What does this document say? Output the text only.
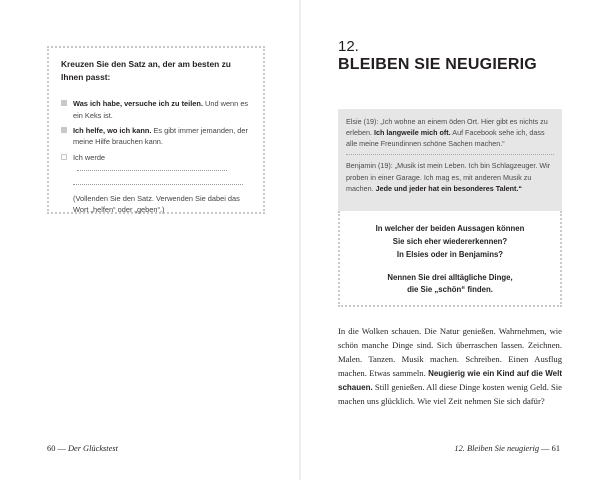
Kreuzen Sie den Satz an, der am besten zu Ihnen passt:
Was ich habe, versuche ich zu teilen. Und wenn es ein Keks ist.
Ich helfe, wo ich kann. Es gibt immer jemanden, der meine Hilfe brauchen kann.
Ich werde
(Vollenden Sie den Satz. Verwenden Sie dabei das Wort „helfen“ oder „geben“.)
60 — Der Glückstest
12.
BLEIBEN SIE NEUGIERIG
Elsie (19): „Ich wohne an einem öden Ort. Hier gibt es nichts zu erleben. Ich langweile mich oft. Auf Facebook sehe ich, dass alle meine Freundinnen schöne Sachen machen.“
Benjamin (19): „Musik ist mein Leben. Ich bin Schlagzeuger. Wir proben in einer Garage. Ich mag es, mit anderen Musik zu machen. Jede und jeder hat ein besonderes Talent.“

In welcher der beiden Aussagen können

Sie sich eher wiedererkennen?

In Elsies oder in Benjamins?

Nennen Sie drei alltägliche Dinge,

die Sie „schön“ finden.

In die Wolken schauen. Die Natur genießen. Wahrnehmen, wie schön manche Dinge sind. Sich überraschen lassen. Zeichnen. Malen. Tanzen. Musik machen. Schreiben. Einen Ausflug machen. Etwas sammeln. Neugierig wie ein Kind auf die Welt schauen. Still genießen. All diese Dinge kosten wenig Geld. Sie machen uns glücklich. Wie viel Zeit nehmen Sie sich dafür?
12. Bleiben Sie neugierig — 61
